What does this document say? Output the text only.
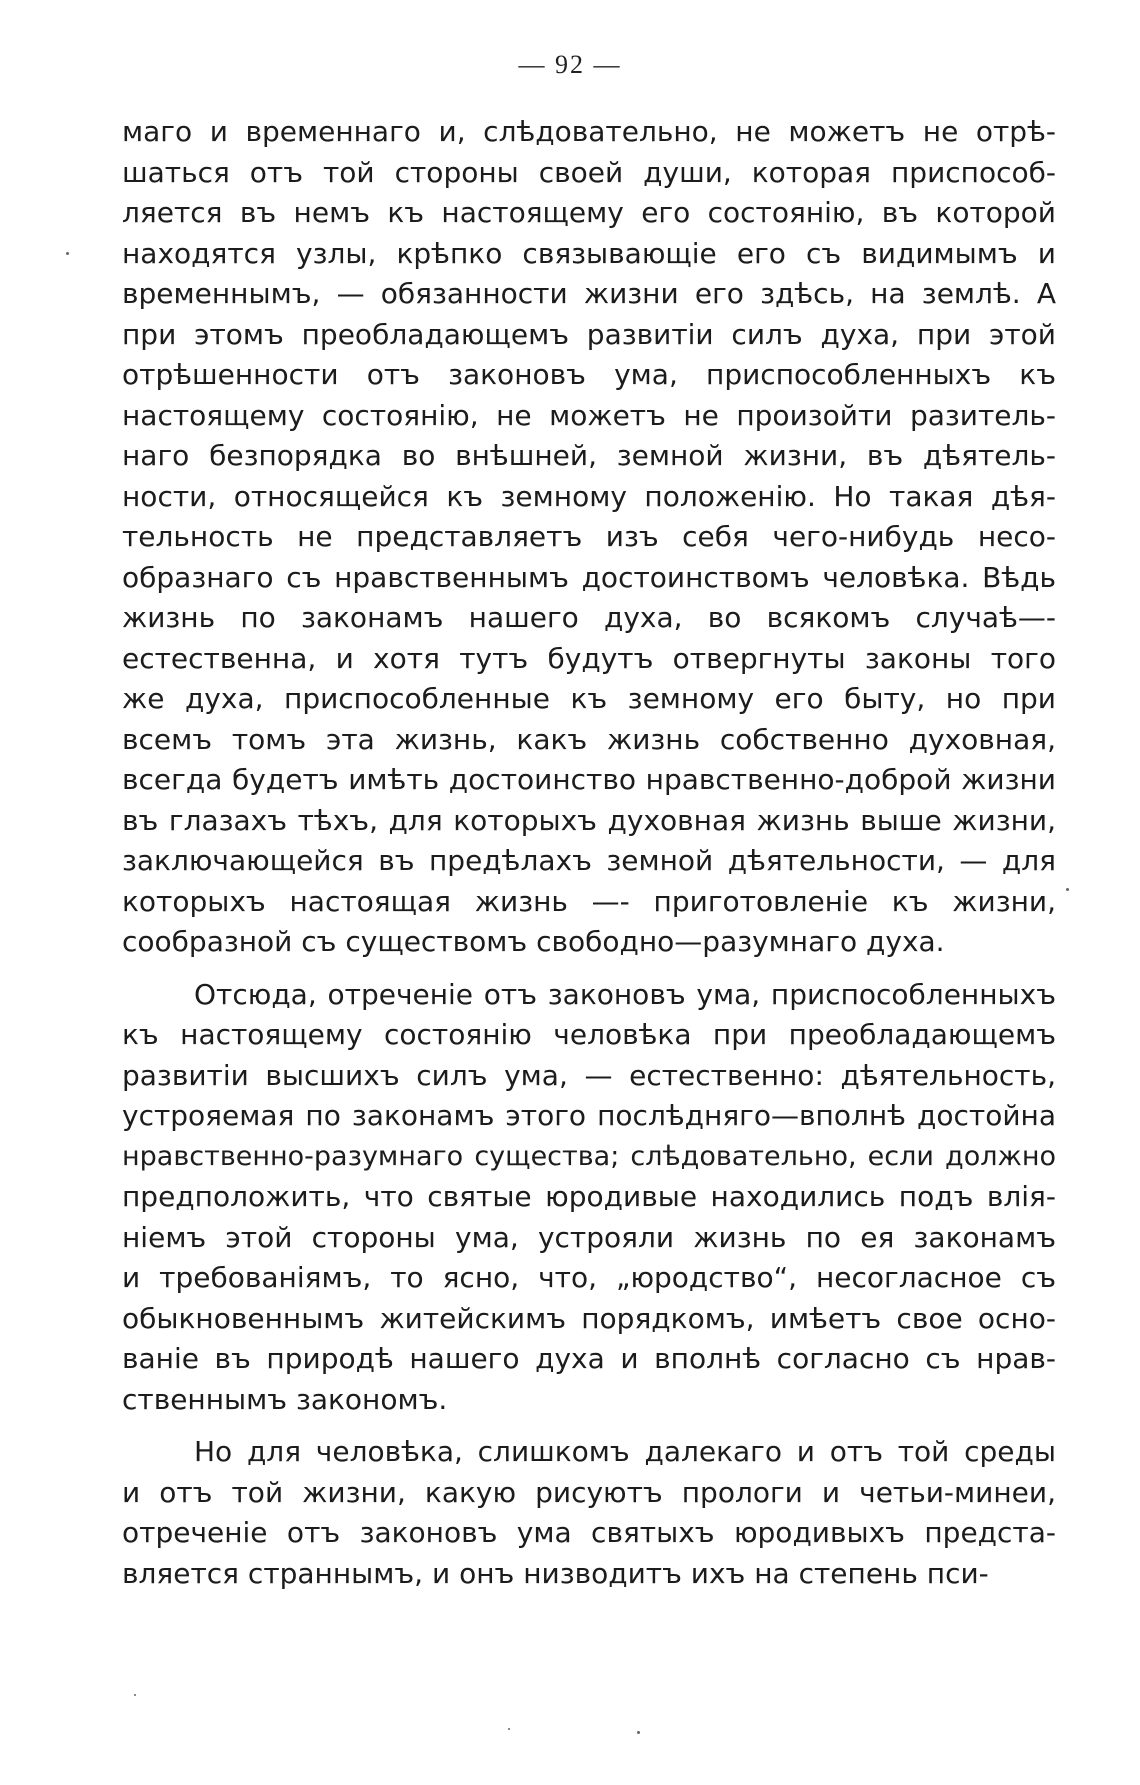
— 92 —
маго и временнаго и, слѣдовательно, не можетъ не отрѣ-
шаться отъ той стороны своей души, которая приспособ-
ляется въ немъ къ настоящему его состоянію, въ которой
находятся узлы, крѣпко связывающіе его съ видимымъ и
временнымъ, — обязанности жизни его здѣсь, на землѣ. А
при этомъ преобладающемъ развитіи силъ духа, при этой
отрѣшенности отъ законовъ ума, приспособленныхъ къ
настоящему состоянію, не можетъ не произойти разитель-
наго безпорядка во внѣшней, земной жизни, въ дѣятель-
ности, относящейся къ земному положенію. Но такая дѣя-
тельность не представляетъ изъ себя чего-нибудь несо-
образнаго съ нравственнымъ достоинствомъ человѣка. Вѣдь
жизнь по законамъ нашего духа, во всякомъ случаѣ—-
естественна, и хотя тутъ будутъ отвергнуты законы того
же духа, приспособленные къ земному его быту, но при
всемъ томъ эта жизнь, какъ жизнь собственно духовная,
всегда будетъ имѣть достоинство нравственно-доброй жизни
въ глазахъ тѣхъ, для которыхъ духовная жизнь выше жизни,
заключающейся въ предѣлахъ земной дѣятельности, — для
которыхъ настоящая жизнь —- приготовленіе къ жизни,
сообразной съ существомъ свободно—разумнаго духа.
Отсюда, отреченіе отъ законовъ ума, приспособленныхъ
къ настоящему состоянію человѣка при преобладающемъ
развитіи высшихъ силъ ума, — естественно: дѣятельность,
устрояемая по законамъ этого послѣдняго—вполнѣ достойна
нравственно-разумнаго существа; слѣдовательно, если должно
предположить, что святые юродивые находились подъ влія-
ніемъ этой стороны ума, устрояли жизнь по ея законамъ
и требованіямъ, то ясно, что, „юродство“, несогласное съ
обыкновеннымъ житейскимъ порядкомъ, имѣетъ свое осно-
ваніе въ природѣ нашего духа и вполнѣ согласно съ нрав-
ственнымъ закономъ.
Но для человѣка, слишкомъ далекаго и отъ той среды
и отъ той жизни, какую рисуютъ прологи и четьи-минеи,
отреченіе отъ законовъ ума святыхъ юродивыхъ предста-
вляется страннымъ, и онъ низводитъ ихъ на степень пси-
